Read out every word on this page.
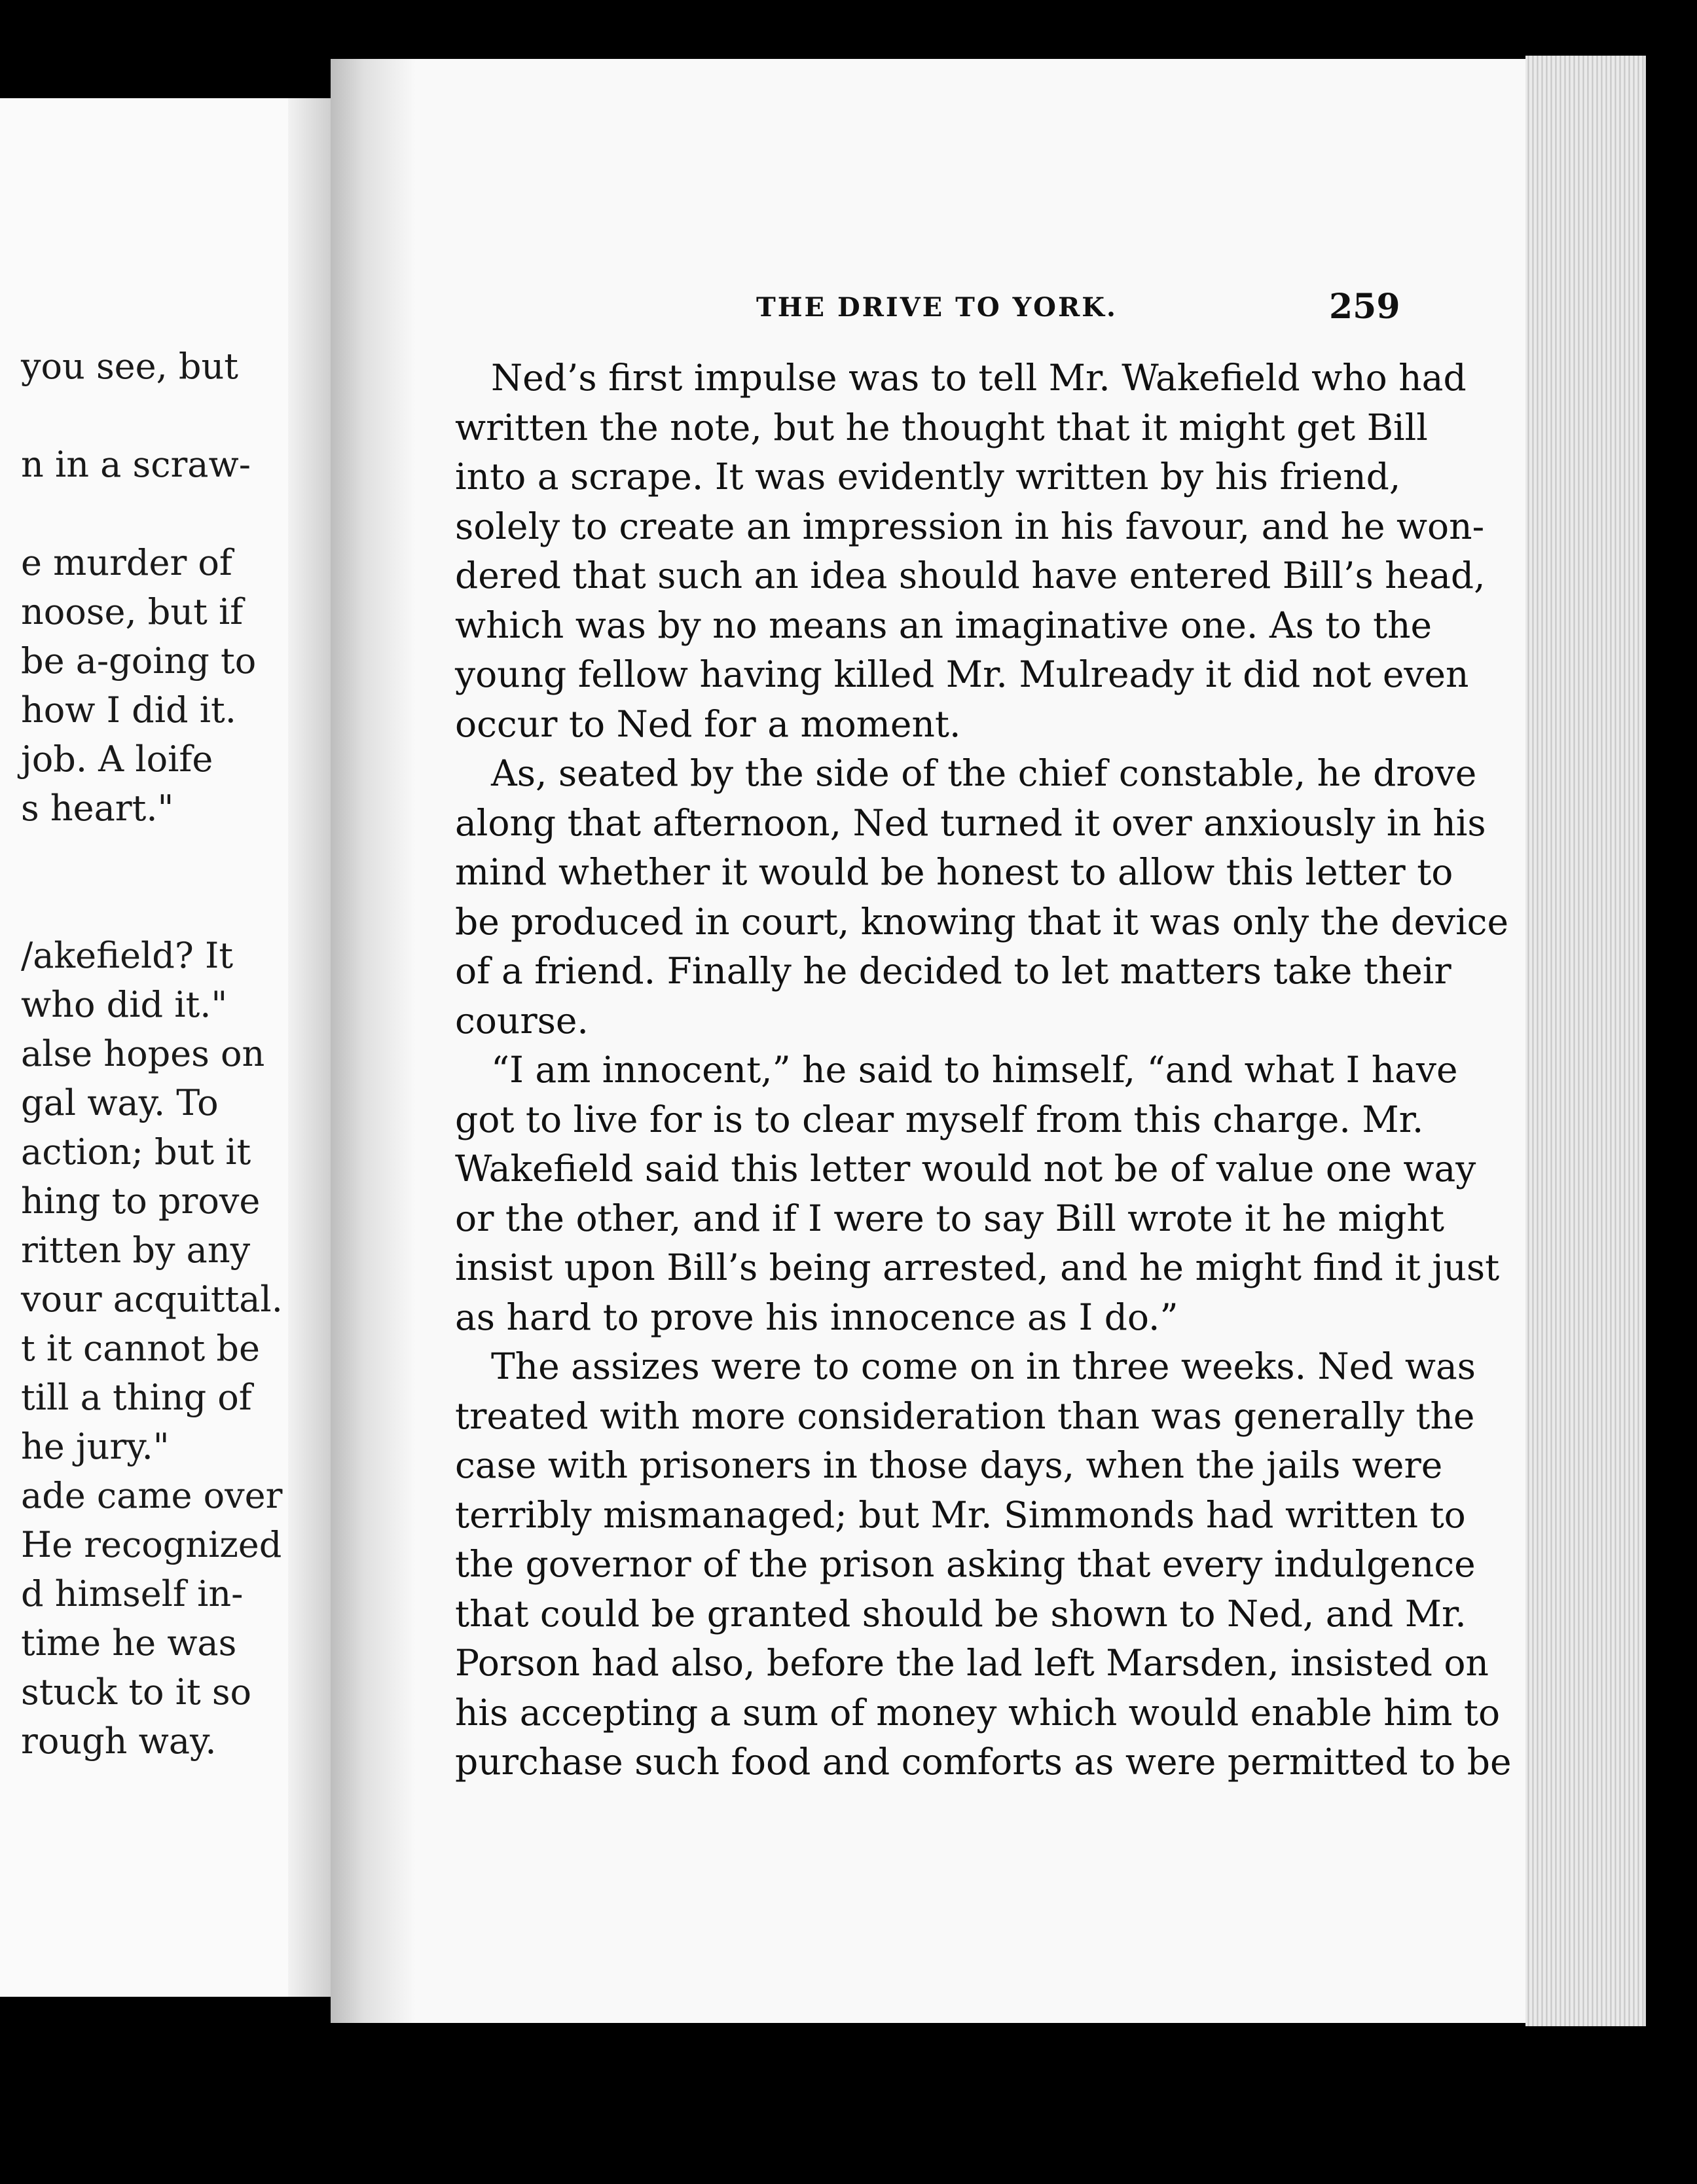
you see, but
n in a scraw-
e murder of
noose, but if
be a-going to
how I did it.
job. A loife
s heart."
/akefield? It
who did it."
alse hopes on
gal way. To
action; but it
hing to prove
ritten by any
vour acquittal.
t it cannot be
till a thing of
he jury."
ade came over
He recognized
d himself in-
time he was
stuck to it so
rough way.
THE DRIVE TO YORK.	259
Ned’s first impulse was to tell Mr. Wakefield who had
written the note, but he thought that it might get Bill
into a scrape. It was evidently written by his friend,
solely to create an impression in his favour, and he won-
dered that such an idea should have entered Bill’s head,
which was by no means an imaginative one. As to the
young fellow having killed Mr. Mulready it did not even
occur to Ned for a moment.
As, seated by the side of the chief constable, he drove
along that afternoon, Ned turned it over anxiously in his
mind whether it would be honest to allow this letter to
be produced in court, knowing that it was only the device
of a friend. Finally he decided to let matters take their
course.
“I am innocent,” he said to himself, “and what I have
got to live for is to clear myself from this charge. Mr.
Wakefield said this letter would not be of value one way
or the other, and if I were to say Bill wrote it he might
insist upon Bill’s being arrested, and he might find it just
as hard to prove his innocence as I do.”
The assizes were to come on in three weeks. Ned was
treated with more consideration than was generally the
case with prisoners in those days, when the jails were
terribly mismanaged; but Mr. Simmonds had written to
the governor of the prison asking that every indulgence
that could be granted should be shown to Ned, and Mr.
Porson had also, before the lad left Marsden, insisted on
his accepting a sum of money which would enable him to
purchase such food and comforts as were permitted to be
